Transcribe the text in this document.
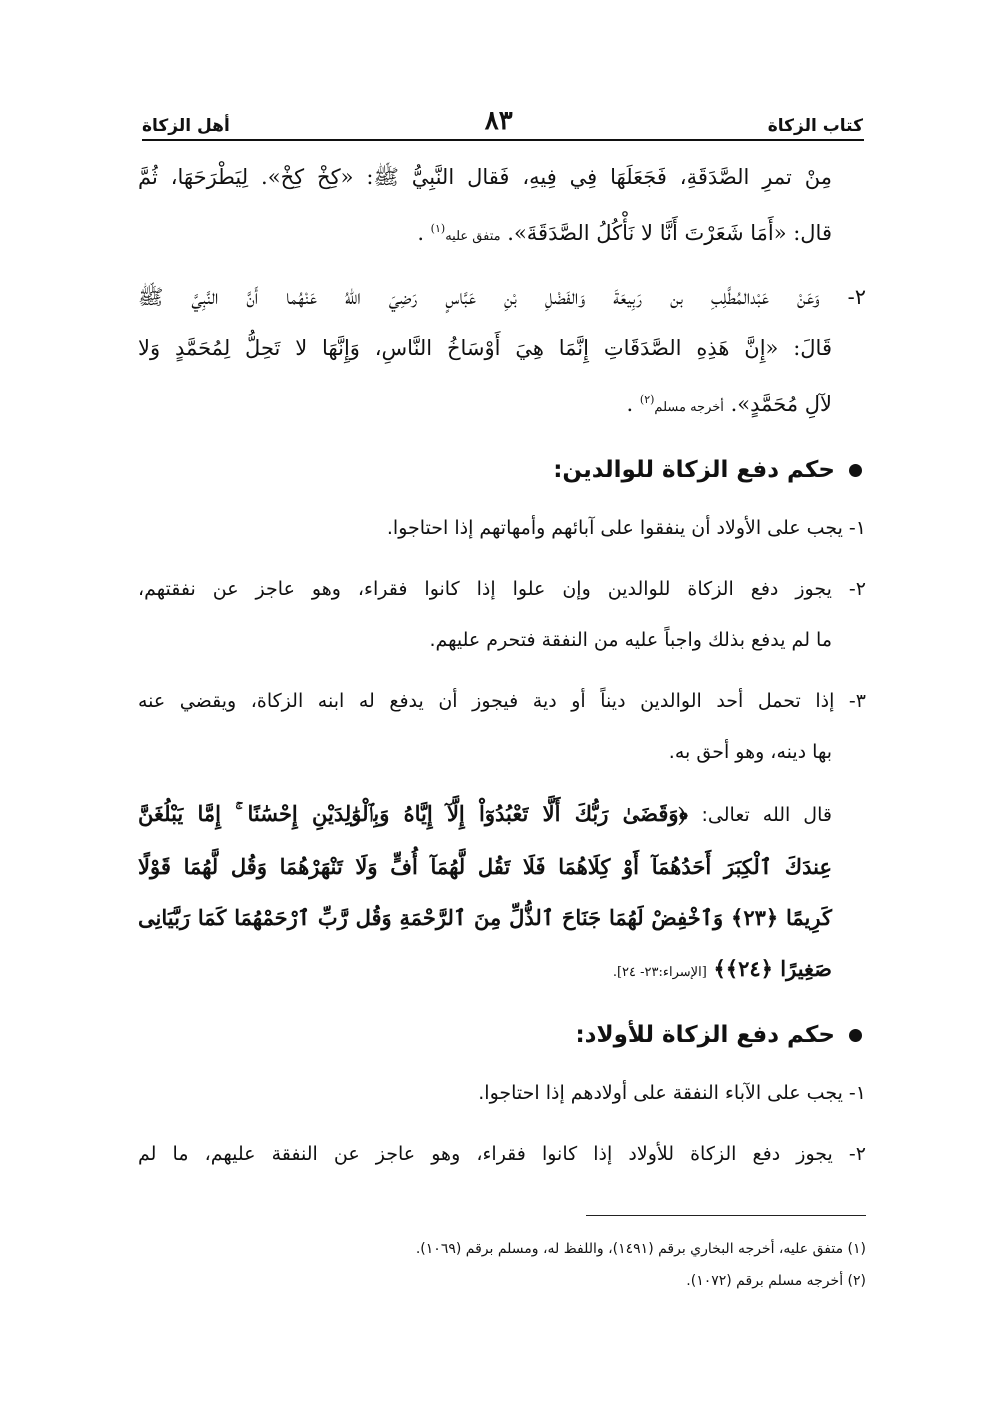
كتاب الزكاة
٨٣
أهل الزكاة
مِنْ تمرِ الصَّدَقَةِ، فَجَعَلَهَا فِي فِيهِ، فَقال النَّبِيُّ ﷺ: «كِخْ كِخْ». لِيَطْرَحَهَا، ثُمَّ
قال: «أَمَا شَعَرْتَ أَنَّا لا نَأْكُلُ الصَّدَقَةَ». متفق عليه$^{(١)}$ .
٢- وَعَنْ عَبْدالمُطَّلِبِ بن رَبِيعَةَ وَالفَضْلِ بْنِ عَبَّاسٍ رَضِيَ اللهُ عَنْهُما أَنَّ النَّبِيَّ ﷺ
قَالَ: «إِنَّ هَذِهِ الصَّدَقَاتِ إِنَّمَا هِيَ أَوْسَاخُ النَّاسِ، وَإِنَّهَا لا تَحِلُّ لِمُحَمَّدٍ وَلا
لآلِ مُحَمَّدٍ». أخرجه مسلم$^{(٢)}$ .
حكم دفع الزكاة للوالدين:
١- يجب على الأولاد أن ينفقوا على آبائهم وأمهاتهم إذا احتاجوا.
٢- يجوز دفع الزكاة للوالدين وإن علوا إذا كانوا فقراء، وهو عاجز عن نفقتهم،
ما لم يدفع بذلك واجباً عليه من النفقة فتحرم عليهم.
٣- إذا تحمل أحد الوالدين ديناً أو دية فيجوز أن يدفع له ابنه الزكاة، ويقضي عنه
بها دينه، وهو أحق به.
قال الله تعالى: ﴿وَقَضَىٰ رَبُّكَ أَلَّا تَعْبُدُوٓاْ إِلَّآ إِيَّاهُ وَبِٱلْوَٰلِدَيْنِ إِحْسَٰنًا ۚ إِمَّا يَبْلُغَنَّ
عِندَكَ ٱلْكِبَرَ أَحَدُهُمَآ أَوْ كِلَاهُمَا فَلَا تَقُل لَّهُمَآ أُفٍّ وَلَا تَنْهَرْهُمَا وَقُل لَّهُمَا قَوْلًا
كَرِيمًا ﴿٢٣﴾ وَٱخْفِضْ لَهُمَا جَنَاحَ ٱلذُّلِّ مِنَ ٱلرَّحْمَةِ وَقُل رَّبِّ ٱرْحَمْهُمَا كَمَا رَبَّيَانِى
صَغِيرًا ﴿٢٤﴾﴾ [الإسراء:٢٣- ٢٤].
حكم دفع الزكاة للأولاد:
١- يجب على الآباء النفقة على أولادهم إذا احتاجوا.
٢- يجوز دفع الزكاة للأولاد إذا كانوا فقراء، وهو عاجز عن النفقة عليهم، ما لم
(١) متفق عليه، أخرجه البخاري برقم (١٤٩١)، واللفظ له، ومسلم برقم (١٠٦٩).
(٢) أخرجه مسلم برقم (١٠٧٢).
